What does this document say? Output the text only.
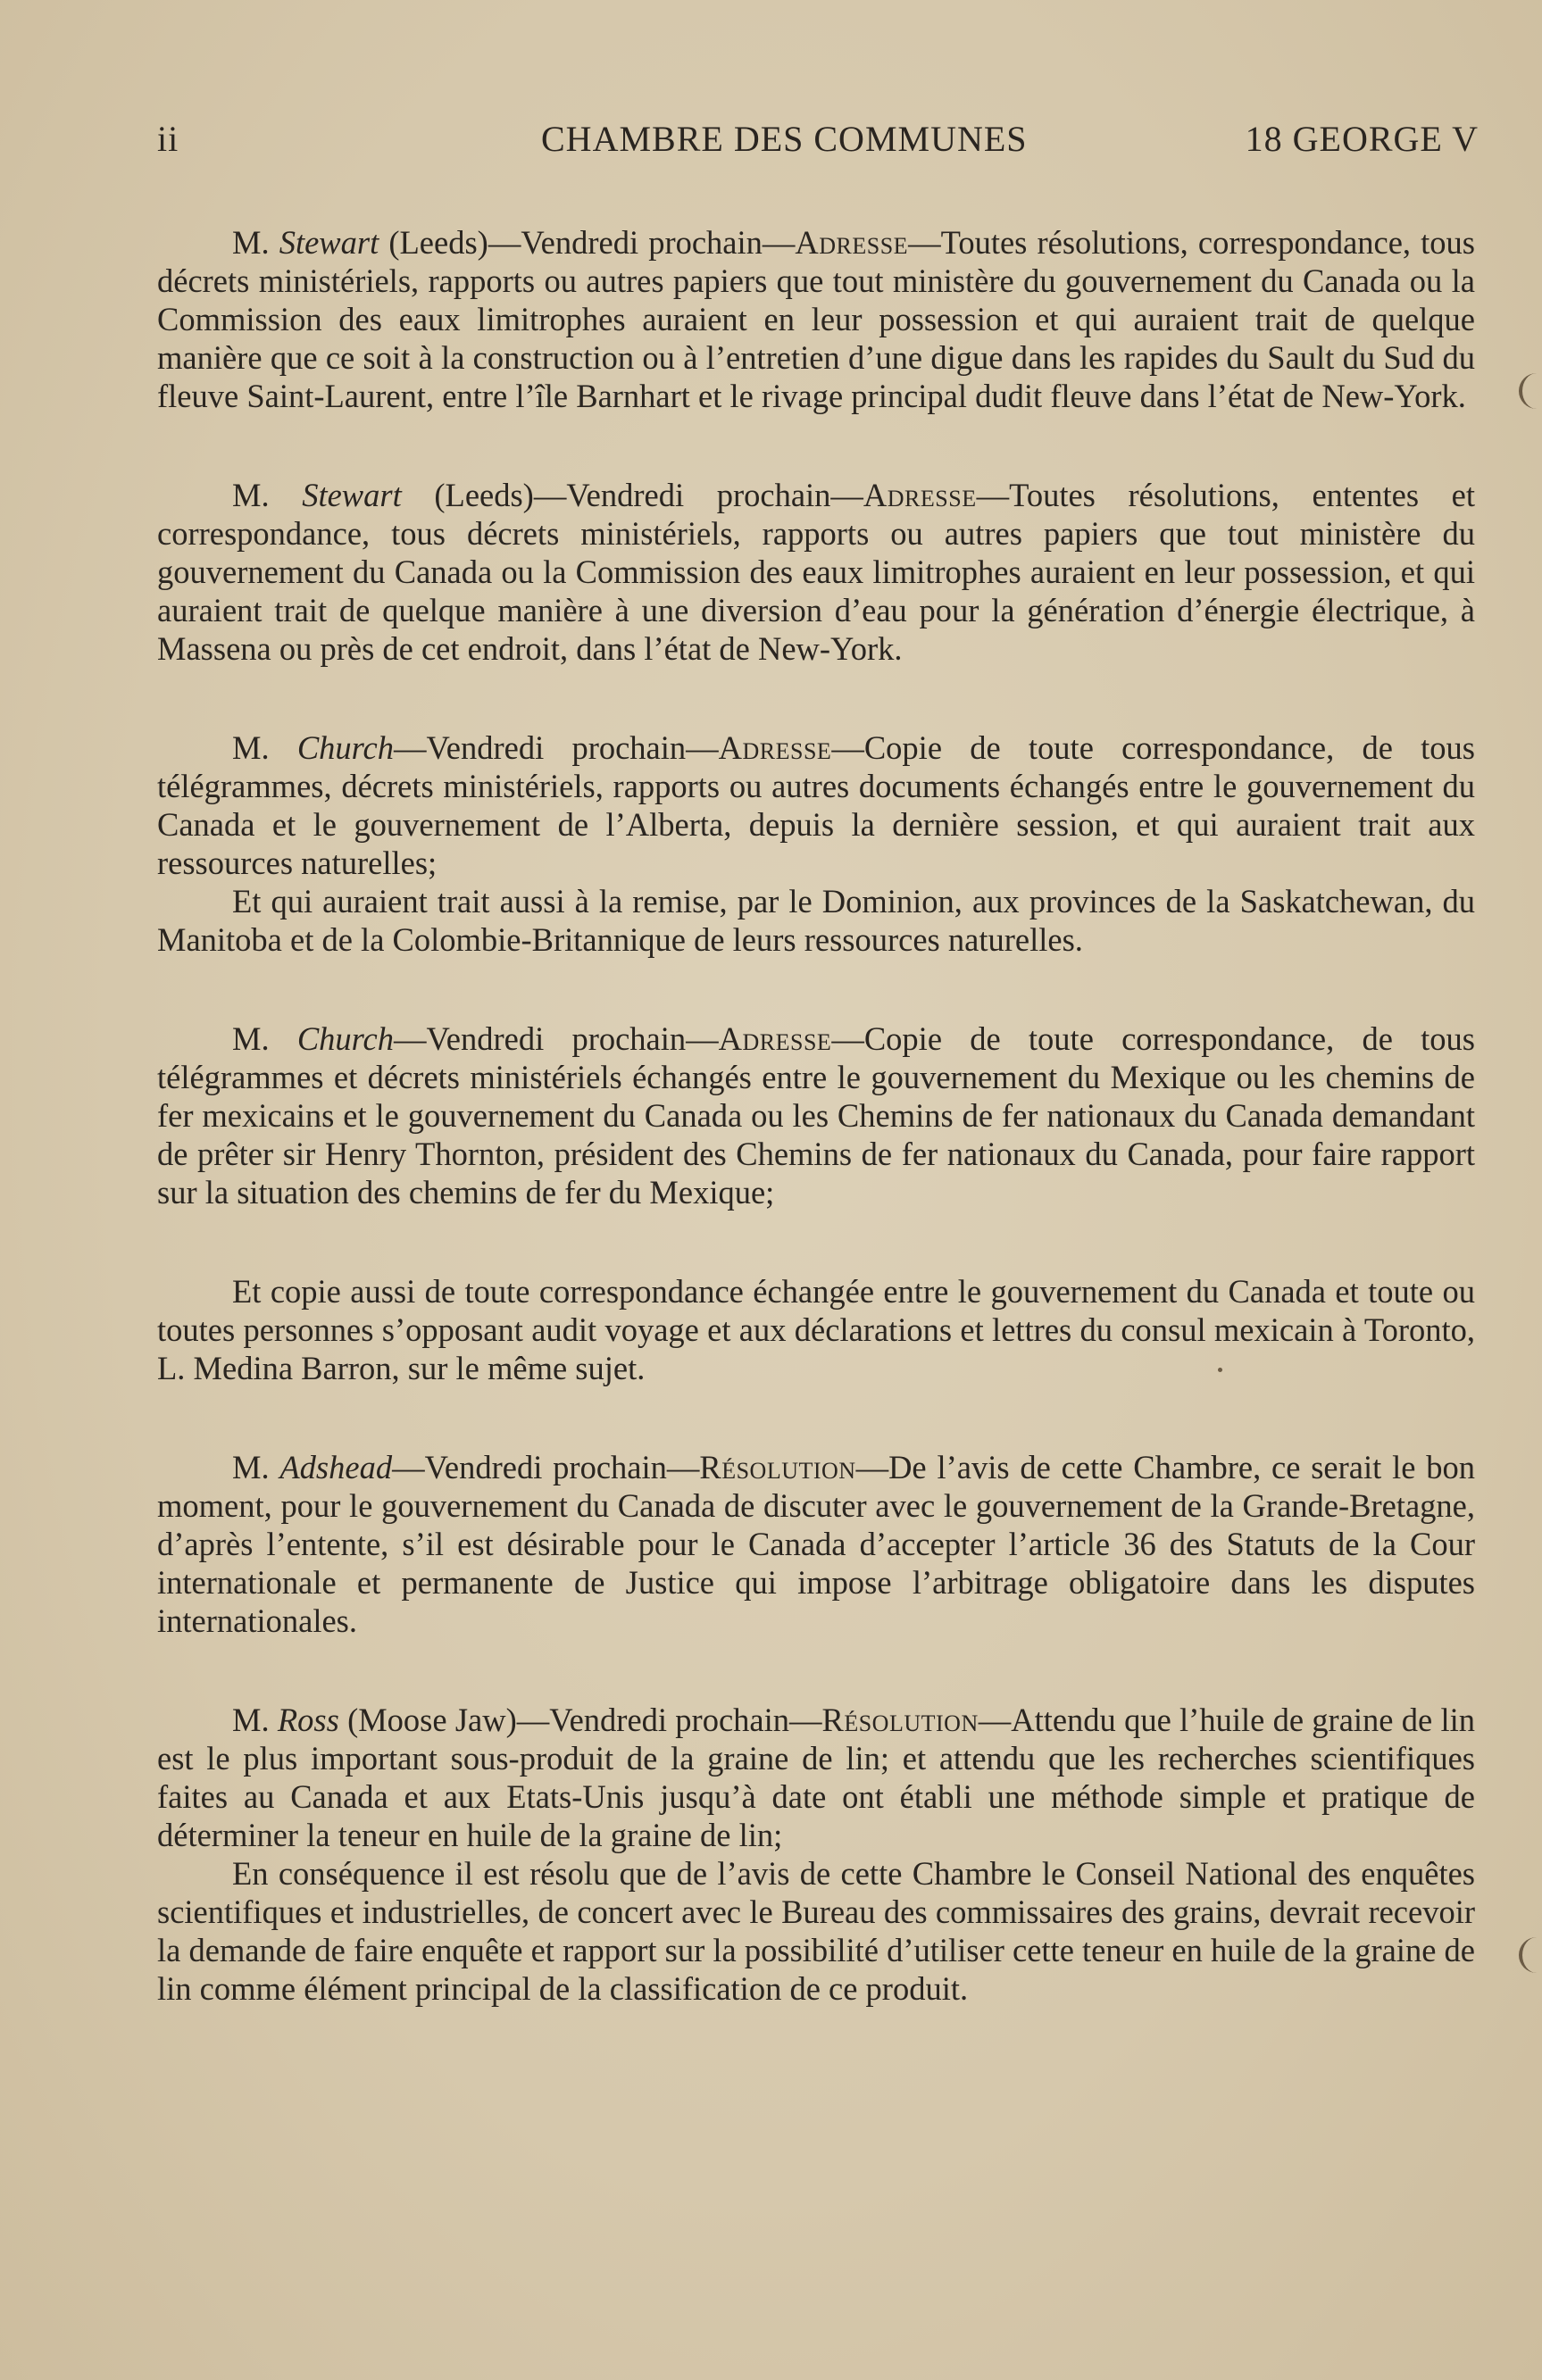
ii	CHAMBRE DES COMMUNES	18 GEORGE V

M. Stewart (Leeds)—Vendredi prochain—Adresse—Toutes résolutions, correspondance, tous décrets ministériels, rapports ou autres papiers que tout ministère du gouvernement du Canada ou la Commission des eaux limitrophes auraient en leur possession et qui auraient trait de quelque manière que ce soit à la construction ou à l’entretien d’une digue dans les rapides du Sault du Sud du fleuve Saint-Laurent, entre l’île Barnhart et le rivage principal dudit fleuve dans l’état de New-York.

M. Stewart (Leeds)—Vendredi prochain—Adresse—Toutes résolutions, ententes et correspondance, tous décrets ministériels, rapports ou autres papiers que tout ministère du gouvernement du Canada ou la Commission des eaux limitrophes auraient en leur possession, et qui auraient trait de quelque manière à une diversion d’eau pour la génération d’énergie électrique, à Massena ou près de cet endroit, dans l’état de New-York.

M. Church—Vendredi prochain—Adresse—Copie de toute correspondance, de tous télégrammes, décrets ministériels, rapports ou autres documents échangés entre le gouvernement du Canada et le gouvernement de l’Alberta, depuis la dernière session, et qui auraient trait aux ressources naturelles;

Et qui auraient trait aussi à la remise, par le Dominion, aux provinces de la Saskatchewan, du Manitoba et de la Colombie-Britannique de leurs ressources naturelles.

M. Church—Vendredi prochain—Adresse—Copie de toute correspondance, de tous télégrammes et décrets ministériels échangés entre le gouvernement du Mexique ou les chemins de fer mexicains et le gouvernement du Canada ou les Chemins de fer nationaux du Canada demandant de prêter sir Henry Thornton, président des Chemins de fer nationaux du Canada, pour faire rapport sur la situation des chemins de fer du Mexique;

Et copie aussi de toute correspondance échangée entre le gouvernement du Canada et toute ou toutes personnes s’opposant audit voyage et aux déclarations et lettres du consul mexicain à Toronto, L. Medina Barron, sur le même sujet.

M. Adshead—Vendredi prochain—Résolution—De l’avis de cette Chambre, ce serait le bon moment, pour le gouvernement du Canada de discuter avec le gouvernement de la Grande-Bretagne, d’après l’entente, s’il est désirable pour le Canada d’accepter l’article 36 des Statuts de la Cour internationale et permanente de Justice qui impose l’arbitrage obligatoire dans les disputes internationales.

M. Ross (Moose Jaw)—Vendredi prochain—Résolution—Attendu que l’huile de graine de lin est le plus important sous-produit de la graine de lin; et attendu que les recherches scientifiques faites au Canada et aux Etats-Unis jusqu’à date ont établi une méthode simple et pratique de déterminer la teneur en huile de la graine de lin;

En conséquence il est résolu que de l’avis de cette Chambre le Conseil National des enquêtes scientifiques et industrielles, de concert avec le Bureau des commissaires des grains, devrait recevoir la demande de faire enquête et rapport sur la possibilité d’utiliser cette teneur en huile de la graine de lin comme élément principal de la classification de ce produit.
